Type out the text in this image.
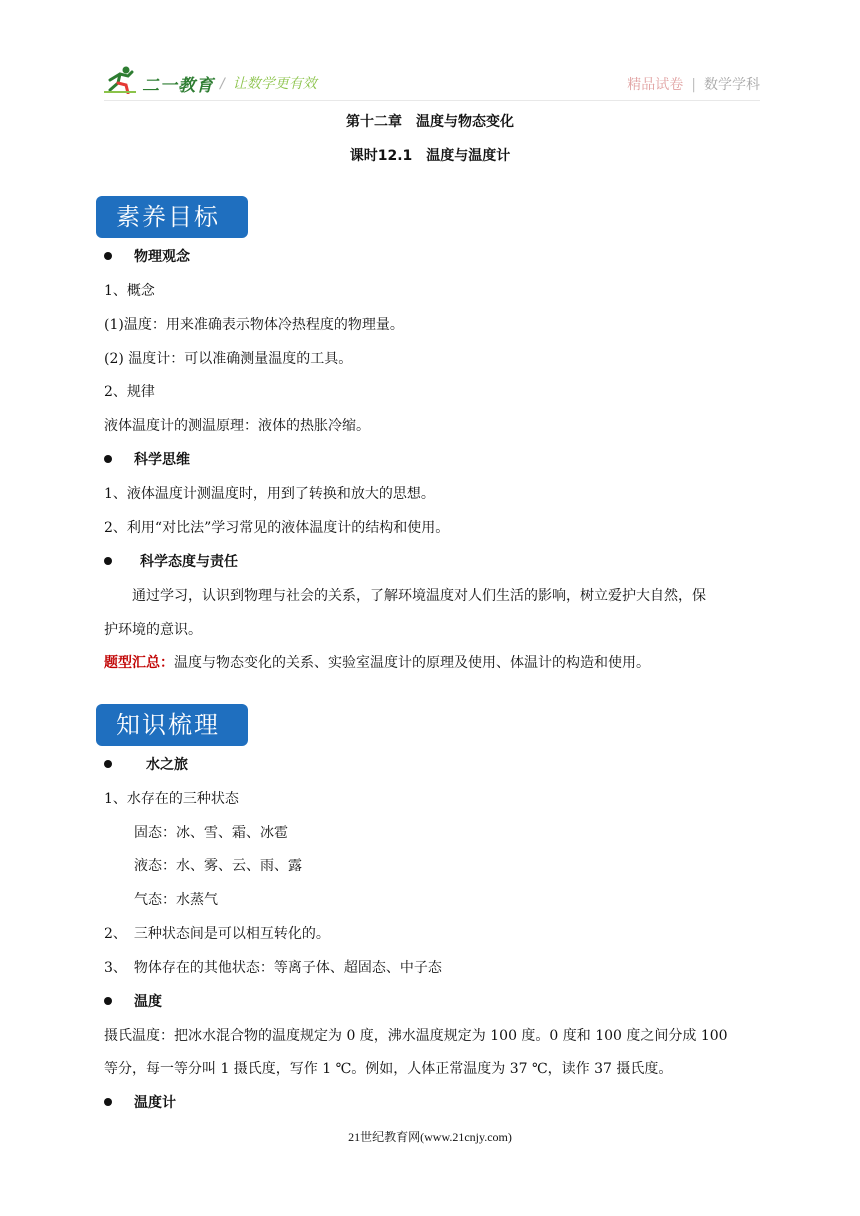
二一教育 / 让数学更有效	精品试卷 | 数学学科
第十二章　温度与物态变化
课时12.1　温度与温度计
素养目标
物理观念
1、概念
(1)温度：用来准确表示物体冷热程度的物理量。
(2) 温度计：可以准确测量温度的工具。
2、规律
液体温度计的测温原理：液体的热胀冷缩。
科学思维
1、液体温度计测温度时，用到了转换和放大的思想。
2、利用“对比法”学习常见的液体温度计的结构和使用。
科学态度与责任
通过学习，认识到物理与社会的关系，了解环境温度对人们生活的影响，树立爱护大自然，保
护环境的意识。
题型汇总：温度与物态变化的关系、实验室温度计的原理及使用、体温计的构造和使用。
知识梳理
水之旅
1、水存在的三种状态
固态：冰、雪、霜、冰雹
液态：水、雾、云、雨、露
气态：水蒸气
2、　三种状态间是可以相互转化的。
3、　物体存在的其他状态：等离子体、超固态、中子态
温度
摄氏温度：把冰水混合物的温度规定为 0 度，沸水温度规定为 100 度。0 度和 100 度之间分成 100
等分，每一等分叫 1 摄氏度，写作 1 ℃。例如，人体正常温度为 37 ℃，读作 37 摄氏度。
温度计
21世纪教育网(www.21cnjy.com)
